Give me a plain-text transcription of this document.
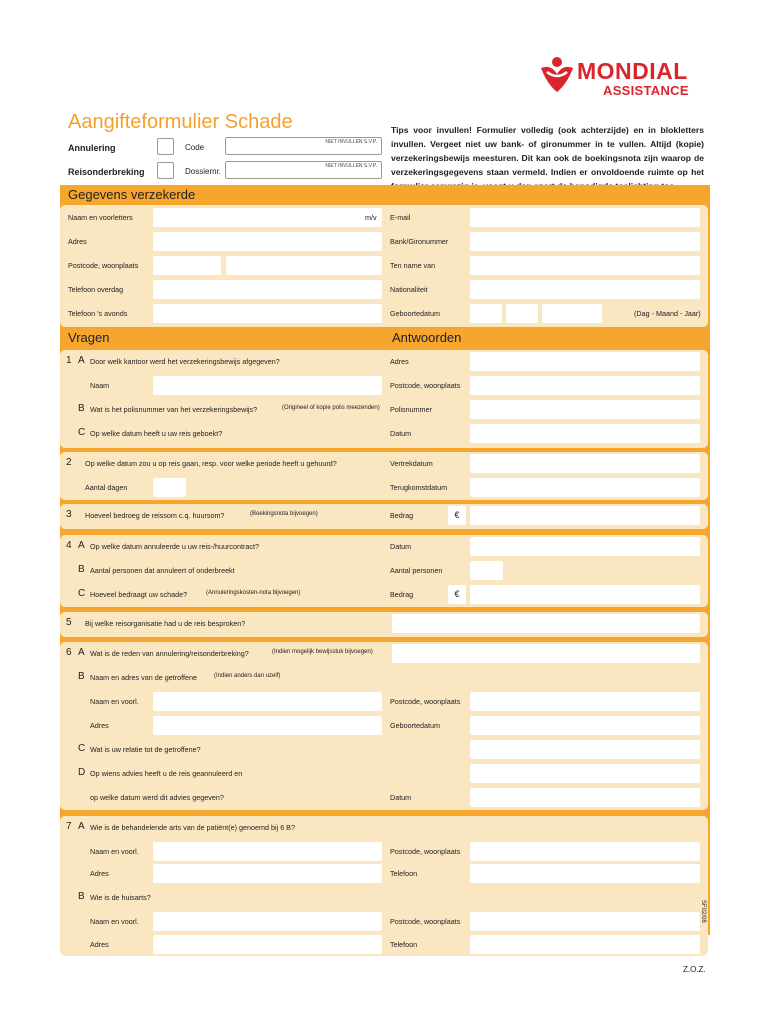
MONDIAL
ASSISTANCE
Aangifteformulier Schade
Annulering
Reisonderbreking
Code
NIET INVULLEN S.V.P.
Dossiernr.
NIET INVULLEN S.V.P.
Tips voor invullen! Formulier volledig (ook achterzijde) en in blokletters invullen. Vergeet niet uw bank- of gironummer in te vullen. Altijd (kopie) verzekeringsbewijs meesturen. Dit kan ook de boekingsnota zijn waarop de verzekeringsgegevens staan vermeld. Indien er onvoldoende ruimte op het
Gegevens verzekerde
Naam en voorletters	m/v E-mail
Adres	Bank/Gironummer
Postcode, woonplaats	Ten name van
Telefoon overdag	Nationaliteit
Telefoon 's avonds	Geboortedatum	(Dag - Maand - Jaar)
Vragen	Antwoorden
1 A Door welk kantoor werd het verzekeringsbewijs afgegeven?	Adres
Naam	Postcode, woonplaats
B Wat is het polisnummer van het verzekeringsbewijs?	(Origineel of kopie polis meezenden) Polisnummer
C Op welke datum heeft u uw reis geboekt?	Datum
2 Op welke datum zou u op reis gaan, resp. voor welke periode heeft u gehuurd?	Vertrekdatum
Aantal dagen	Terugkomstdatum
3 Hoeveel bedroeg de reissom c.q. huursom?	(Boekingsnota bijvoegen)	Bedrag	€
4 A Op welke datum annuleerde u uw reis-/huurcontract?	Datum
B Aantal personen dat annuleert of onderbreekt	Aantal personen
C Hoeveel bedraagt uw schade?	(Annuleringskosten-nota bijvoegen)	Bedrag	€
5 Bij welke reisorganisatie had u de reis besproken?
6 A Wat is de reden van annulering/reisonderbreking?	(Indien mogelijk bewijsstuk bijvoegen)
B Naam en adres van de getroffene	(Indien anders dan uzelf)
Naam en voorl.	Postcode, woonplaats
Adres	Geboortedatum
C Wat is uw relatie tot de getroffene?
D Op wiens advies heeft u de reis geannuleerd en
op welke datum werd dit advies gegeven?	Datum
7 A Wie is de behandelende arts van de patiënt(e) genoemd bij 6 B?
Naam en voorl.	Postcode, woonplaats
Adres	Telefoon
B Wie is de huisarts?
Naam en voorl.	Postcode, woonplaats
Adres	Telefoon
SF02/08
Z.O.Z.
